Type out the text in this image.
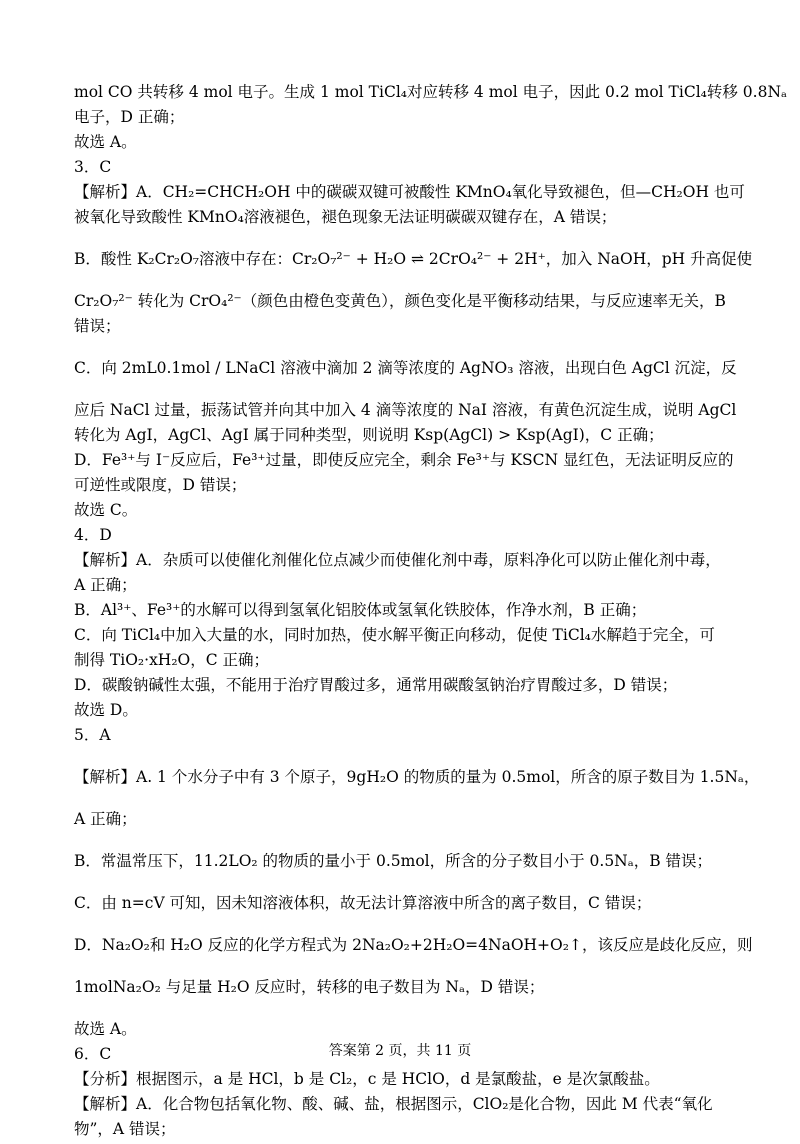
mol CO 共转移 4 mol 电子。生成 1 mol TiCl₄对应转移 4 mol 电子，因此 0.2 mol TiCl₄转移 0.8Nₐ
电子，D 正确；
故选 A。
3．C
【解析】A．CH₂=CHCH₂OH 中的碳碳双键可被酸性 KMnO₄氧化导致褪色，但—CH₂OH 也可
被氧化导致酸性 KMnO₄溶液褪色，褪色现象无法证明碳碳双键存在，A 错误；
B．酸性 K₂Cr₂O₇溶液中存在：Cr₂O₇²⁻ + H₂O ⇌ 2CrO₄²⁻ + 2H⁺，加入 NaOH，pH 升高促使
Cr₂O₇²⁻ 转化为 CrO₄²⁻（颜色由橙色变黄色），颜色变化是平衡移动结果，与反应速率无关，B
错误；
C．向 2mL0.1mol / LNaCl 溶液中滴加 2 滴等浓度的 AgNO₃ 溶液，出现白色 AgCl 沉淀，反
应后 NaCl 过量，振荡试管并向其中加入 4 滴等浓度的 NaI 溶液，有黄色沉淀生成，说明 AgCl
转化为 AgI，AgCl、AgI 属于同种类型，则说明 Ksp(AgCl) > Ksp(AgI)，C 正确；
D．Fe³⁺与 I⁻反应后，Fe³⁺过量，即使反应完全，剩余 Fe³⁺与 KSCN 显红色，无法证明反应的
可逆性或限度，D 错误；
故选 C。
4．D
【解析】A．杂质可以使催化剂催化位点减少而使催化剂中毒，原料净化可以防止催化剂中毒，
A 正确；
B．Al³⁺、Fe³⁺的水解可以得到氢氧化铝胶体或氢氧化铁胶体，作净水剂，B 正确；
C．向 TiCl₄中加入大量的水，同时加热，使水解平衡正向移动，促使 TiCl₄水解趋于完全，可
制得 TiO₂·xH₂O，C 正确；
D．碳酸钠碱性太强，不能用于治疗胃酸过多，通常用碳酸氢钠治疗胃酸过多，D 错误；
故选 D。
5．A
【解析】A. 1 个水分子中有 3 个原子，9gH₂O 的物质的量为 0.5mol，所含的原子数目为 1.5Nₐ，
A 正确；
B．常温常压下，11.2LO₂ 的物质的量小于 0.5mol，所含的分子数目小于 0.5Nₐ，B 错误；
C．由 n=cV 可知，因未知溶液体积，故无法计算溶液中所含的离子数目，C 错误；
D．Na₂O₂和 H₂O 反应的化学方程式为 2Na₂O₂+2H₂O=4NaOH+O₂↑，该反应是歧化反应，则
1molNa₂O₂ 与足量 H₂O 反应时，转移的电子数目为 Nₐ，D 错误；
故选 A。
6．C
【分析】根据图示，a 是 HCl，b 是 Cl₂，c 是 HClO，d 是氯酸盐，e 是次氯酸盐。
【解析】A．化合物包括氧化物、酸、碱、盐，根据图示，ClO₂是化合物，因此 M 代表“氧化
物”，A 错误；
答案第 2 页，共 11 页
